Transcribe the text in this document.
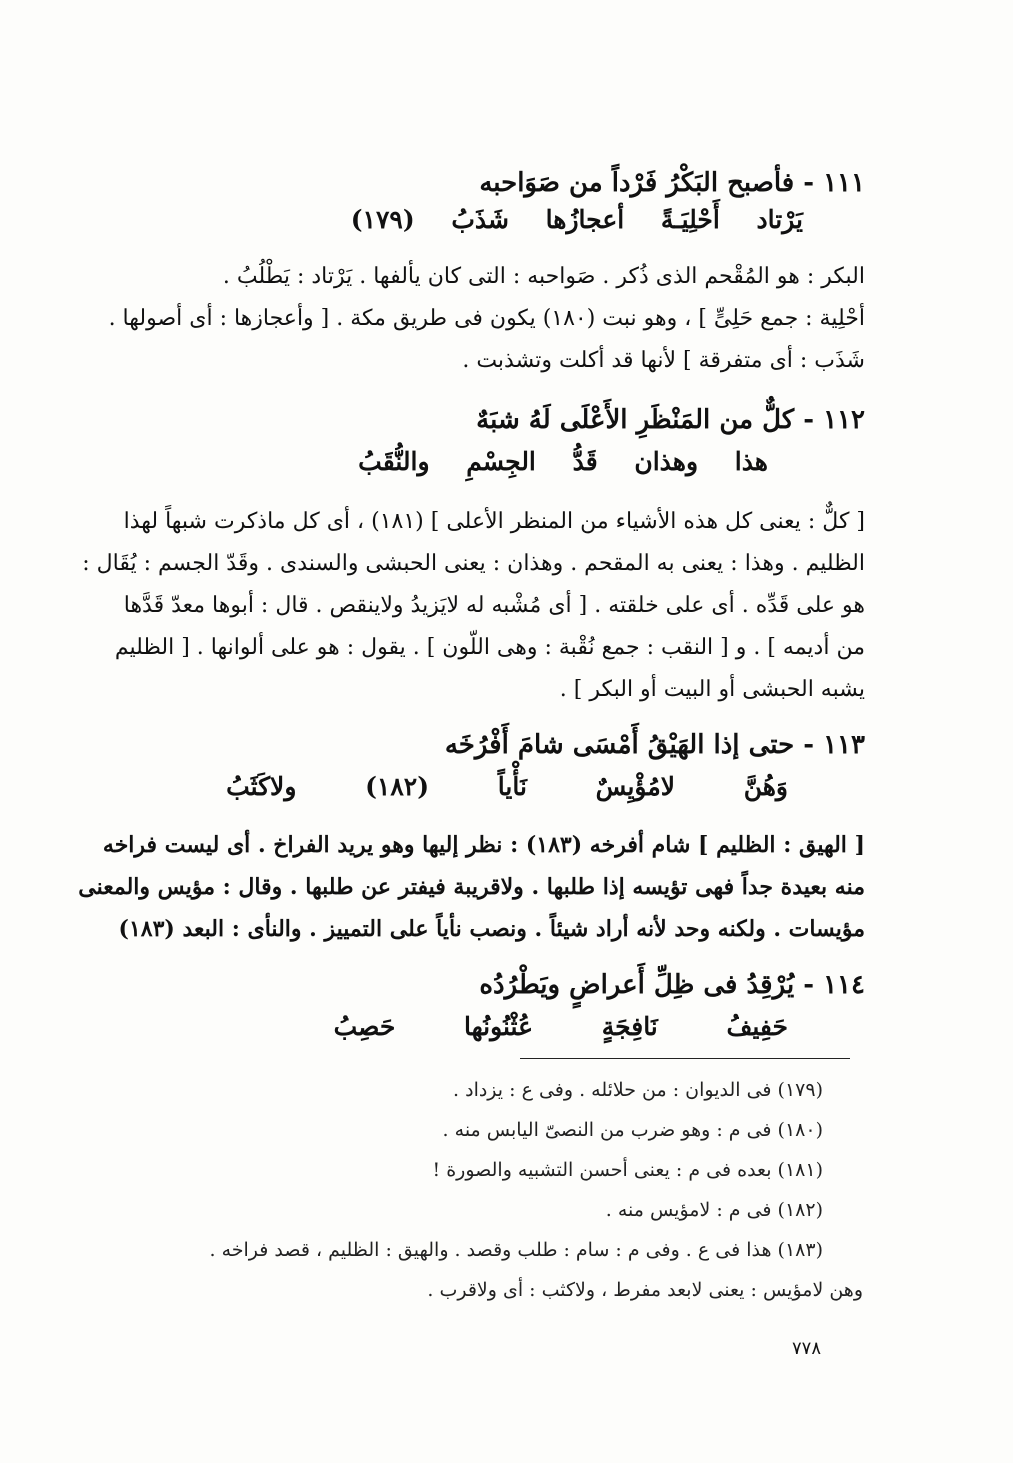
١١١ - فأصبح البَكْرُ فَرْداً من صَوَاحبه
يَرْتاد أَحْلِيَـةً أعجازُها شَذَبُ (١٧٩)
البكر : هو المُقْحم الذى ذُكر . صَواحبه : التى كان يألفها . يَرْتاد : يَطْلُبُ .
أحْلِية : جمع حَلِىٍّ ] ، وهو نبت (١٨٠) يكون فى طريق مكة . [ وأعجازها : أى أصولها .
شَذَب : أى متفرقة ] لأنها قد أكلت وتشذبت .
١١٢ - كلٌّ من المَنْظَرِ الأَعْلَى لَهُ شبَهٌ
هذا وهذان قَدُّ الجِسْمِ والنُّقَبُ
[ كلٌّ : يعنى كل هذه الأشياء من المنظر الأعلى ] (١٨١) ، أى كل ماذكرت شبهاً لهذا
الظليم . وهذا : يعنى به المقحم . وهذان : يعنى الحبشى والسندى . وقَدّ الجسم : يُقَال :
هو على قَدِّه . أى على خلقته . [ أى مُشْبه له لايَزيدُ ولاينقص . قال : أبوها معدّ قَدَّها
من أديمه ] . و [ النقب : جمع نُقْبة : وهى اللّون ] . يقول : هو على ألوانها . [ الظليم
يشبه الحبشى أو البيت أو البكر ] .
١١٣ - حتى إذا الهَيْقُ أَمْسَى شامَ أَفْرُخَه
وَهُنَّ لامُؤْيِسٌ نَأْياً (١٨٢) ولاكَثَبُ
[ الهيق : الظليم ] شام أفرخه (١٨٣) : نظر إليها وهو يريد الفراخ . أى ليست فراخه
منه بعيدة جداً فهى تؤيسه إذا طلبها . ولاقريبة فيفتر عن طلبها . وقال : مؤيس والمعنى
مؤيسات . ولكنه وحد لأنه أراد شيئاً . ونصب نأياً على التمييز . والنأى : البعد (١٨٣)
١١٤ - يُرْقِدُ فى ظِلِّ أَعراضٍ ويَطْرُدُه
حَفِيفُ نَافِجَةٍ عُثْنُونُها حَصِبُ
(١٧٩) فى الديوان : من حلائله . وفى ع : يزداد .
(١٨٠) فى م : وهو ضرب من النصىّ اليابس منه .
(١٨١) بعده فى م : يعنى أحسن التشبيه والصورة !
(١٨٢) فى م : لامؤيس منه .
(١٨٣) هذا فى ع . وفى م : سام : طلب وقصد . والهيق : الظليم ، قصد فراخه .
وهن لامؤيس : يعنى لابعد مفرط ، ولاكثب : أى ولاقرب .
٧٧٨
